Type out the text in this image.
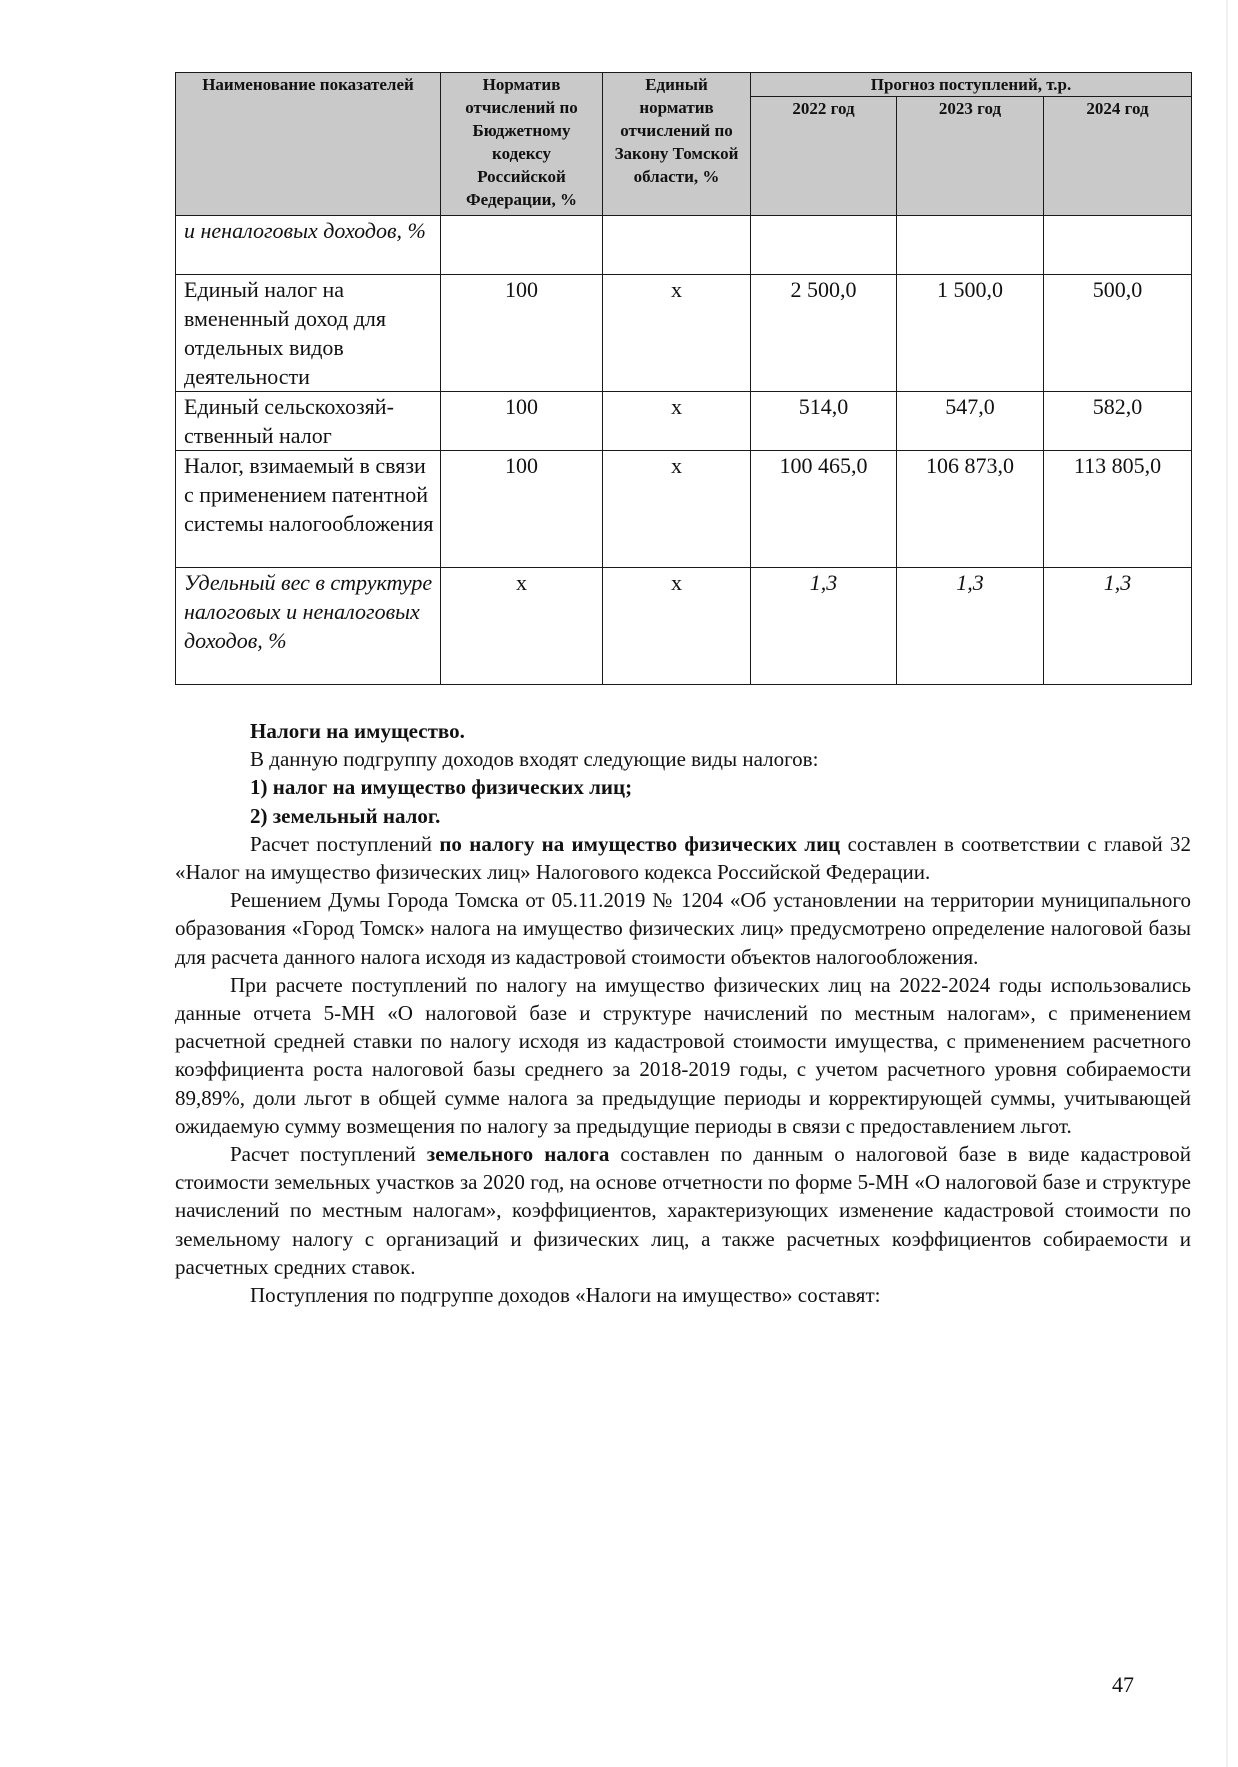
Наименование показателей	Норматив отчислений по Бюджетному кодексу Российской Федерации, %	Единый норматив отчислений по Закону Томской области, %	Прогноз поступлений, т.р.		
			2022 год	2023 год	2024 год
и неналоговых доходов, %					
Единый налог на вмененный доход для отдельных видов деятельности	100	x	2 500,0	1 500,0	500,0
Единый сельскохозяй-ственный налог	100	x	514,0	547,0	582,0
Налог, взимаемый в связи с применением патентной системы налогообложения	100	x	100 465,0	106 873,0	113 805,0
Удельный вес в структуре налоговых и неналоговых доходов, %	x	x	1,3	1,3	1,3
Налоги на имущество.
В данную подгруппу доходов входят следующие виды налогов:
1) налог на имущество физических лиц;
2) земельный налог.

Расчет поступлений по налогу на имущество физических лиц составлен в соответствии с главой 32 «Налог на имущество физических лиц» Налогового кодекса Российской Федерации.

Решением Думы Города Томска от 05.11.2019 № 1204 «Об установлении на территории муниципального образования «Город Томск» налога на имущество физических лиц» предусмотрено определение налоговой базы для расчета данного налога исходя из кадастровой стоимости объектов налогообложения.

При расчете поступлений по налогу на имущество физических лиц на 2022-2024 годы использовались данные отчета 5-МН «О налоговой базе и структуре начислений по местным налогам», с применением расчетной средней ставки по налогу исходя из кадастровой стоимости имущества, с применением расчетного коэффициента роста налоговой базы среднего за 2018-2019 годы, с учетом расчетного уровня собираемости 89,89%, доли льгот в общей сумме налога за предыдущие периоды и корректирующей суммы, учитывающей ожидаемую сумму возмещения по налогу за предыдущие периоды в связи с предоставлением льгот.

Расчет поступлений земельного налога составлен по данным о налоговой базе в виде кадастровой стоимости земельных участков за 2020 год, на основе отчетности по форме 5-МН «О налоговой базе и структуре начислений по местным налогам», коэффициентов, характеризующих изменение кадастровой стоимости по земельному налогу с организаций и физических лиц, а также расчетных коэффициентов собираемости и расчетных средних ставок.

Поступления по подгруппе доходов «Налоги на имущество» составят:

47
